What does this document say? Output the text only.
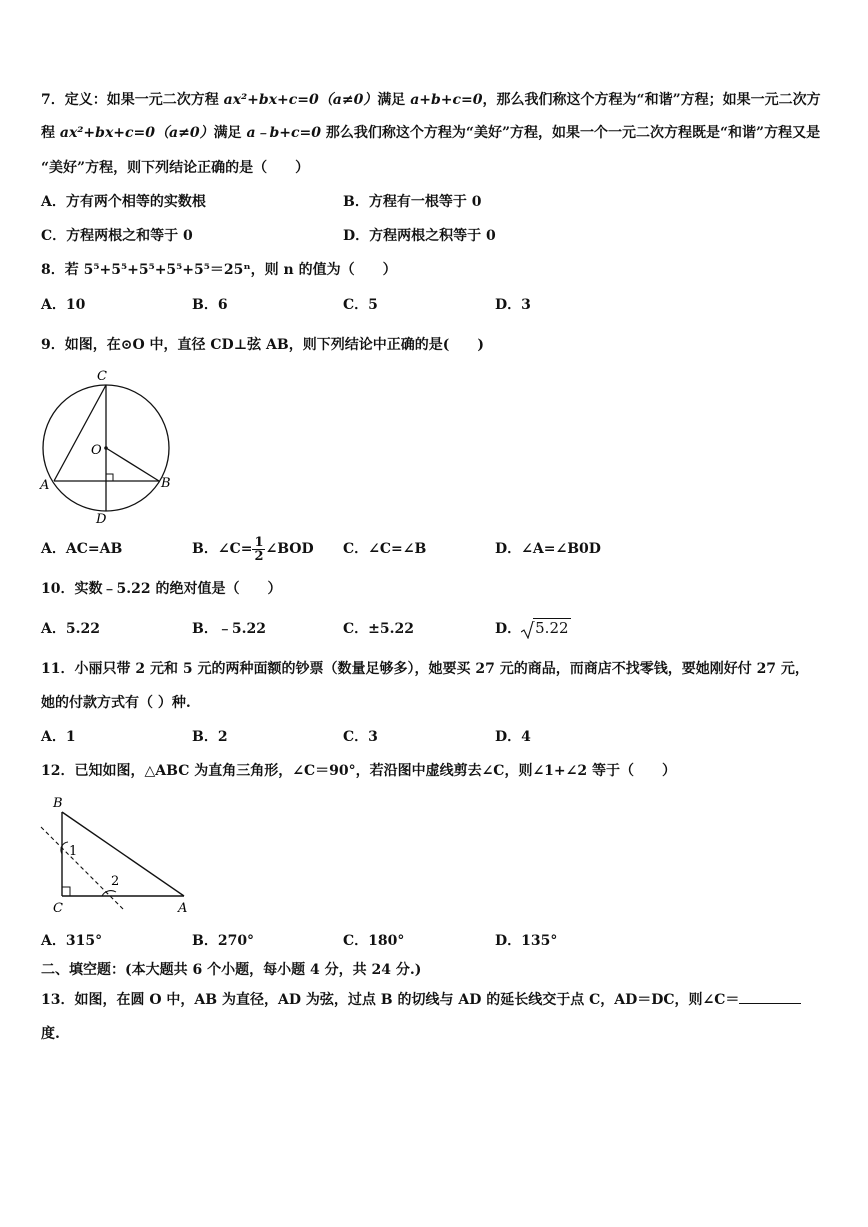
7．定义：如果一元二次方程 ax²+bx+c=0（a≠0）满足 a+b+c=0，那么我们称这个方程为“和谐”方程；如果一元二次方
程 ax²+bx+c=0（a≠0）满足 a﹣b+c=0 那么我们称这个方程为“美好”方程，如果一个一元二次方程既是“和谐”方程又是
“美好”方程，则下列结论正确的是（　　）
A．方有两个相等的实数根	B．方程有一根等于 0
C．方程两根之和等于 0	D．方程两根之积等于 0
8．若 5⁵+5⁵+5⁵+5⁵+5⁵＝25ⁿ，则 n 的值为（　　）
A．10	B．6	C．5	D．3
9．如图，在⊙O 中，直径 CD⊥弦 AB，则下列结论中正确的是(　　)
C
O
A	B
D
A．AC=AB	B．∠C= $\frac{1}{2}$ ∠BOD C．∠C=∠B	D．∠A=∠B0D
10．实数﹣5.22 的绝对值是（　　）
A．5.22	B．﹣5.22	C．±5.22	D． 5.22
11．小丽只带 2 元和 5 元的两种面额的钞票（数量足够多），她要买 27 元的商品，而商店不找零钱，要她刚好付 27 元，
她的付款方式有（ ）种.
A．1	B．2	C．3	D．4
12．已知如图，△ABC 为直角三角形，∠C＝90°，若沿图中虚线剪去∠C，则∠1+∠2 等于（　　）
B
C	A
1
2
A．315°	B．270°	C．180°	D．135°
二、填空题：(本大题共 6 个小题，每小题 4 分，共 24 分.)
13．如图，在圆 O 中，AB 为直径，AD 为弦，过点 B 的切线与 AD 的延长线交于点 C，AD＝DC，则∠C＝
度.
